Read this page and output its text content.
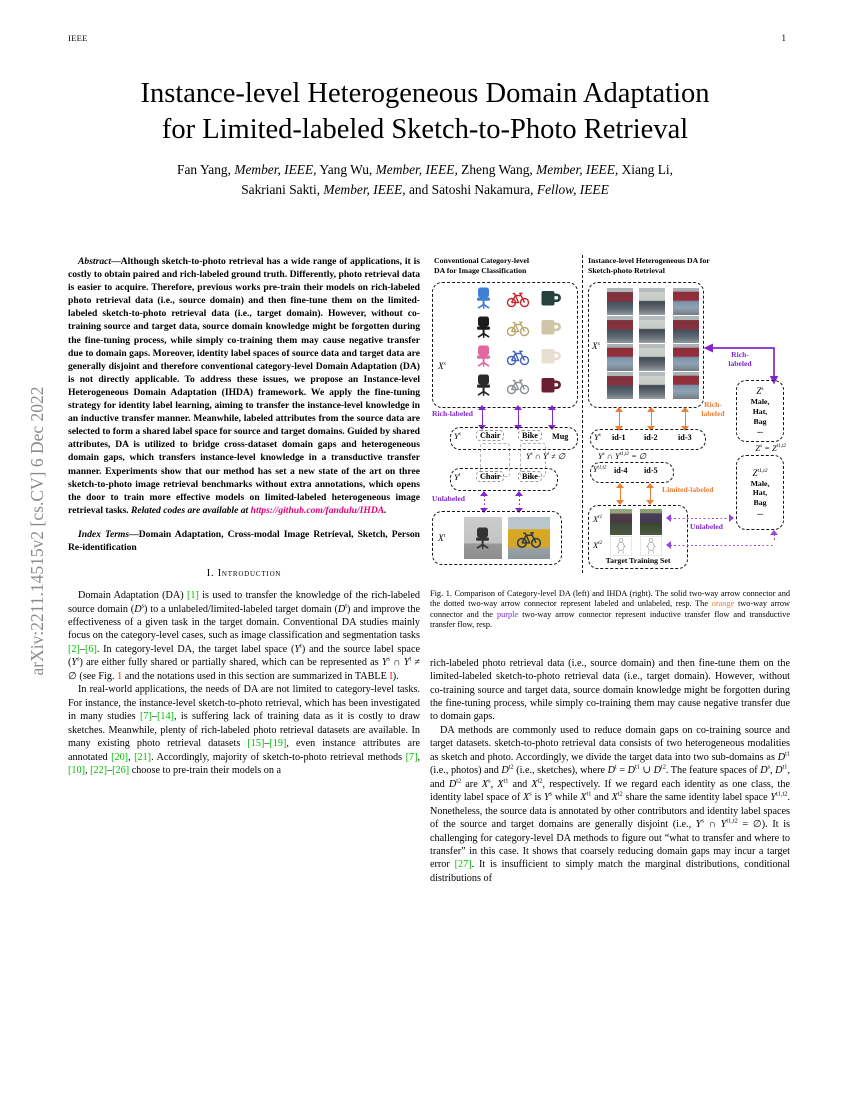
IEEE	1
arXiv:2211.14515v2 [cs.CV] 6 Dec 2022
Instance-level Heterogeneous Domain Adaptation
for Limited-labeled Sketch-to-Photo Retrieval
Fan Yang, Member, IEEE, Yang Wu, Member, IEEE, Zheng Wang, Member, IEEE, Xiang Li,
Sakriani Sakti, Member, IEEE, and Satoshi Nakamura, Fellow, IEEE

Abstract—Although sketch-to-photo retrieval has a wide range of applications, it is costly to obtain paired and rich-labeled ground truth. Differently, photo retrieval data is easier to acquire. Therefore, previous works pre-train their models on rich-labeled photo retrieval data (i.e., source domain) and then fine-tune them on the limited-labeled sketch-to-photo retrieval data (i.e., target domain). However, without co-training source and target data, source domain knowledge might be forgotten during the fine-tuning process, while simply co-training them may cause negative transfer due to domain gaps. Moreover, identity label spaces of source data and target data are generally disjoint and therefore conventional category-level Domain Adaptation (DA) is not directly applicable. To address these issues, we propose an Instance-level Heterogeneous Domain Adaptation (IHDA) framework. We apply the fine-tuning strategy for identity label learning, aiming to transfer the instance-level knowledge in an inductive transfer manner. Meanwhile, labeled attributes from the source data are selected to form a shared label space for source and target domains. Guided by shared attributes, DA is utilized to bridge cross-dataset domain gaps and heterogeneous domain gaps, which transfers instance-level knowledge in a transductive transfer manner. Experiments show that our method has set a new state of the art on three sketch-to-photo image retrieval benchmarks without extra annotations, which opens the door to train more effective models on limited-labeled heterogeneous image retrieval tasks. Related codes are available at https://github.com/fandulu/IHDA.

Index Terms—Domain Adaptation, Cross-modal Image Retrieval, Sketch, Person Re-identification

I. Introduction

Domain Adaptation (DA) [1] is used to transfer the knowledge of the rich-labeled source domain $(D^s)$ to a unlabeled/limited-labeled target domain $(D^t)$ and improve the effectiveness of a given task in the target domain. Conventional DA studies mainly focus on the category-level cases, such as image classification and segmentation tasks [2]–[6]. In category-level DA, the target label space $(Y^t)$ and the source label space $(Y^s)$ are either fully shared or partially shared, which can be represented as $Y^s$ ∩ $Y^t$ ≠ ∅ (see Fig. 1 and the notations used in this section are summarized in TABLE I).

In real-world applications, the needs of DA are not limited to category-level tasks. For instance, the instance-level sketch-to-photo retrieval, which has been investigated in many studies [7]–[14], is suffering lack of training data as it is costly to draw sketches. Meanwhile, plenty of rich-labeled photo retrieval datasets are available. In many existing photo retrieval datasets [15]–[19], even instance attributes are annotated [20], [21]. Accordingly, majority of sketch-to-photo retrieval methods [7], [10], [22]–[26] choose to pre-train their models on a

Conventional Category-level
DA for Image Classification
$X^s$
Rich-labeled
$Y^s$	Chair	Bike	Mug
$Y^s$ ∩ $Y^t$ ≠ ∅
$Y^t$	Chair	Bike
Unlabeled
$X^t$
Instance-level Heterogeneous DA for
Sketch-photo Retrieval
$X^s$
Rich-
labeled
$Z^s$
Male,
Hat,
Bag
...
Rich-
labeled
$Y^s$ id-1 id-2 id-3
$Y^s$ ∩ $Y^{t1,t2}$ = ∅
$Z^s = Z^{t1,t2}$
$Y^{t1,t2}$ id-4 id-5
Limited-labeled
$X^{t1}$
$X^{t2}$
Target Training Set
Unlabeled
$Z^{t1,t2}$
Male,
Hat,
Bag
...

Fig. 1. Comparison of Category-level DA (left) and IHDA (right). The solid two-way arrow connector and the dotted two-way arrow connector represent labeled and unlabeled, resp. The orange two-way arrow connector and the purple two-way arrow connector represent inductive transfer flow and transductive transfer flow, resp.

rich-labeled photo retrieval data (i.e., source domain) and then fine-tune them on the limited-labeled sketch-to-photo retrieval data (i.e., target domain). However, without co-training source and target data, source domain knowledge might be forgotten during the fine-tuning process, while simply co-training them may cause negative transfer due to domain gaps.

DA methods are commonly used to reduce domain gaps on co-training source and target datasets. sketch-to-photo retrieval data consists of two heterogeneous modalities as sketch and photo. Accordingly, we divide the target data into two sub-domains as $D^{t1}$ (i.e., photos) and $D^{t2}$ (i.e., sketches), where $D^t = D^{t1}$ ∪ $D^{t2}$. The feature spaces of $D^s$, $D^{t1}$, and $D^{t2}$ are $X^s$, $X^{t1}$ and $X^{t2}$, respectively. If we regard each identity as one class, the identity label space of $X^s$ is $Y^s$ while $X^{t1}$ and $X^{t2}$ share the same identity label space $Y^{t1,t2}$. Nonetheless, the source data is annotated by other contributors and identity label spaces of the source and target domains are generally disjoint (i.e., $Y^s$ ∩ $Y^{t1,t2}$ = ∅). It is challenging for category-level DA methods to figure out “what to transfer and where to transfer” in this case. It shows that coarsely reducing domain gaps may incur a target error [27]. It is insufficient to simply match the marginal distributions, conditional distributions of
